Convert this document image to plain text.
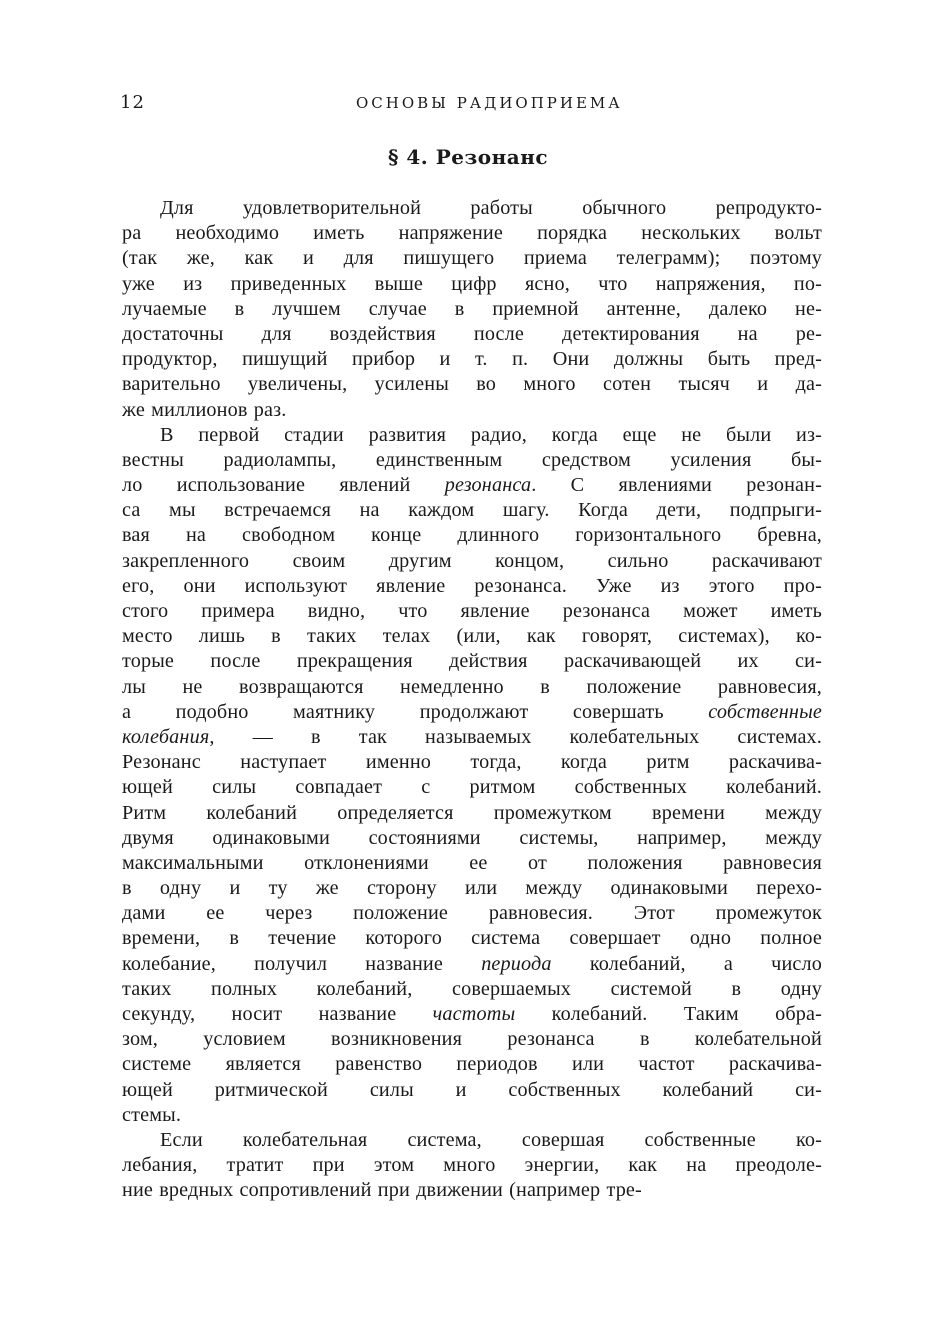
12	ОСНОВЫ РАДИОПРИЕМА
§ 4. Резонанс
Для удовлетворительной работы обычного репродукто-
ра необходимо иметь напряжение порядка нескольких вольт
(так же, как и для пишущего приема телеграмм); поэтому
уже из приведенных выше цифр ясно, что напряжения, по-
лучаемые в лучшем случае в приемной антенне, далеко не-
достаточны для воздействия после детектирования на ре-
продуктор, пишущий прибор и т. п. Они должны быть пред-
варительно увеличены, усилены во много сотен тысяч и да-
же миллионов раз.
В первой стадии развития радио, когда еще не были из-
вестны радиолампы, единственным средством усиления бы-
ло использование явлений резонанса. С явлениями резонан-
са мы встречаемся на каждом шагу. Когда дети, подпрыги-
вая на свободном конце длинного горизонтального бревна,
закрепленного своим другим концом, сильно раскачивают
его, они используют явление резонанса. Уже из этого про-
стого примера видно, что явление резонанса может иметь
место лишь в таких телах (или, как говорят, системах), ко-
торые после прекращения действия раскачивающей их си-
лы не возвращаются немедленно в положение равновесия,
а подобно маятнику продолжают совершать собственные
колебания, — в так называемых колебательных системах.
Резонанс наступает именно тогда, когда ритм раскачива-
ющей силы совпадает с ритмом собственных колебаний.
Ритм колебаний определяется промежутком времени между
двумя одинаковыми состояниями системы, например, между
максимальными отклонениями ее от положения равновесия
в одну и ту же сторону или между одинаковыми перехо-
дами ее через положение равновесия. Этот промежуток
времени, в течение которого система совершает одно полное
колебание, получил название периода колебаний, а число
таких полных колебаний, совершаемых системой в одну
секунду, носит название частоты колебаний. Таким обра-
зом, условием возникновения резонанса в колебательной
системе является равенство периодов или частот раскачива-
ющей ритмической силы и собственных колебаний си-
стемы.
Если колебательная система, совершая собственные ко-
лебания, тратит при этом много энергии, как на преодоле-
ние вредных сопротивлений при движении (например тре-
